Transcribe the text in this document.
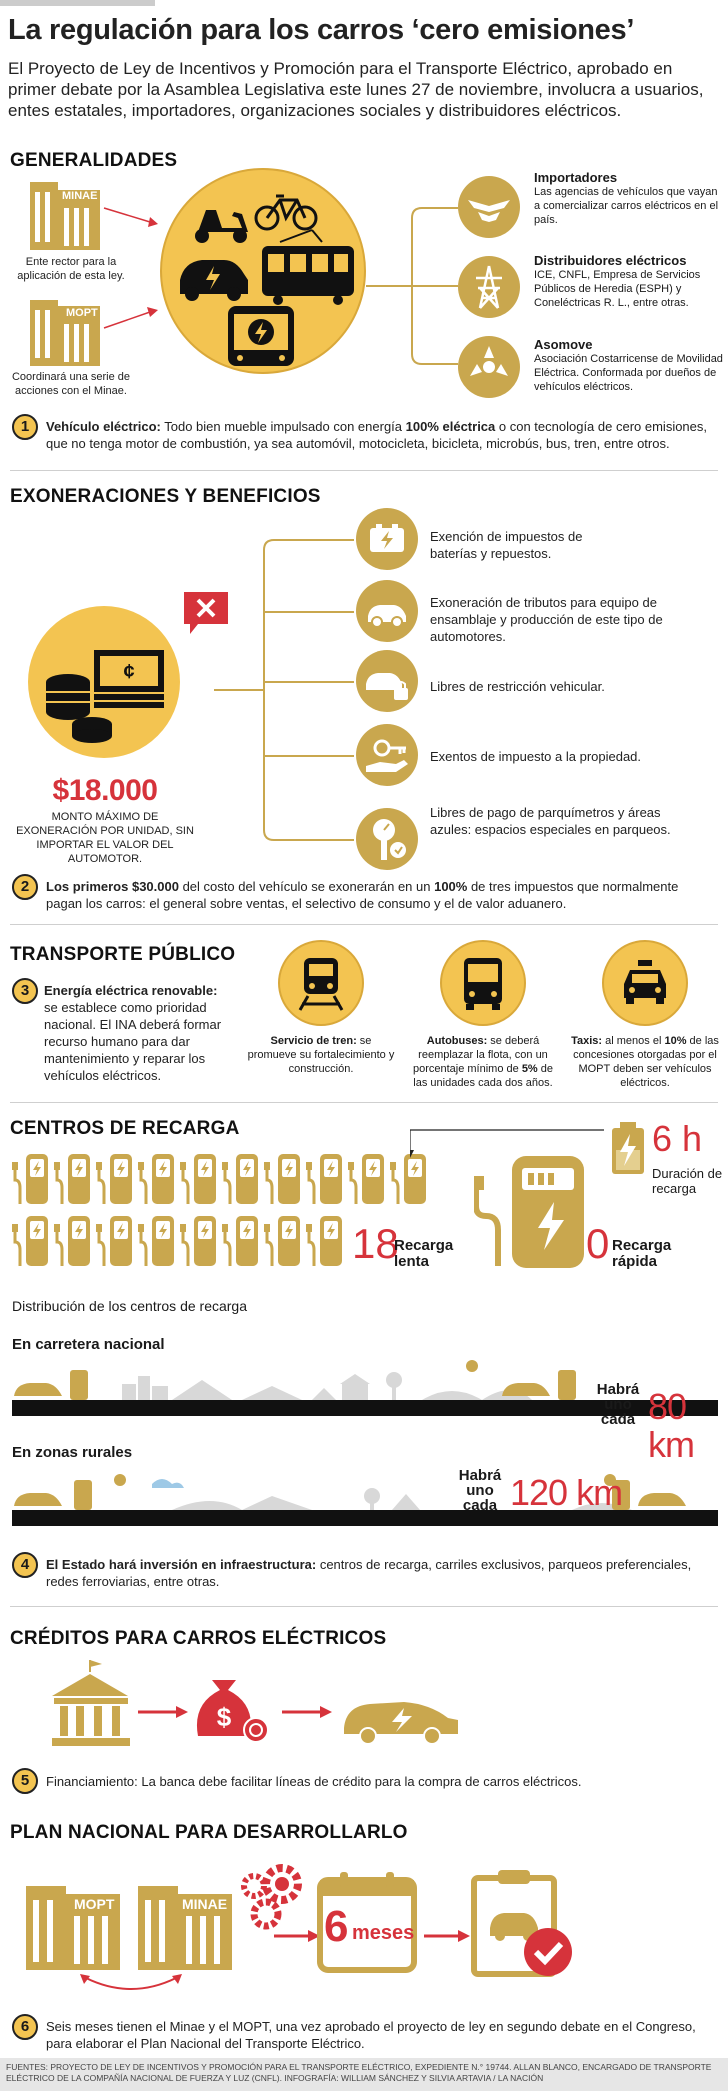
La regulación para los carros ‘cero emisiones’
El Proyecto de Ley de Incentivos y Promoción para el Transporte Eléctrico, aprobado en primer debate por la Asamblea Legislativa este lunes 27 de noviembre, involucra a usuarios, entes estatales, importadores, organizaciones sociales y distribuidores eléctricos.
GENERALIDADES
MINAE
Ente rector para la aplicación de esta ley.
MOPT
Coordinará una serie de acciones con el Minae.
Importadores
Las agencias de vehículos que vayan a comercializar carros eléctricos en el país.
Distribuidores eléctricos
ICE, CNFL, Empresa de Servicios Públicos de Heredia (ESPH) y Coneléctricas R. L., entre otras.
Asomove
Asociación Costarricense de Movilidad Eléctrica. Conformada por dueños de vehículos eléctricos.
1	Vehículo eléctrico: Todo bien mueble impulsado con energía 100% eléctrica o con tecnología de cero emisiones, que no tenga motor de combustión, ya sea automóvil, motocicleta, bicicleta, microbús, bus, tren, entre otros.
EXONERACIONES Y BENEFICIOS
¢
$18.000
MONTO MÁXIMO DE EXONERACIÓN POR UNIDAD, SIN IMPORTAR EL VALOR DEL AUTOMOTOR.
Exención de impuestos de baterías y repuestos.
Exoneración de tributos para equipo de ensamblaje y producción de este tipo de automotores.
Libres de restricción vehicular.
Exentos de impuesto a la propiedad.
Libres de pago de parquímetros y áreas azules: espacios especiales en parqueos.
2	Los primeros $30.000 del costo del vehículo se exonerarán en un 100% de tres impuestos que normalmente pagan los carros: el general sobre ventas, el selectivo de consumo y el de valor aduanero.
TRANSPORTE PÚBLICO
3	Energía eléctrica renovable: se establece como prioridad nacional. El INA deberá formar recurso humano para dar mantenimiento y reparar los vehículos eléctricos.
Servicio de tren: se promueve su fortalecimiento y construcción.
Autobuses: se deberá reemplazar la flota, con un porcentaje mínimo de 5% de las unidades cada dos años.
Taxis: al menos el 10% de las concesiones otorgadas por el MOPT deben ser vehículos eléctricos.
CENTROS DE RECARGA
18
Recarga lenta	0 Recarga rápida
6 h
Duración de recarga
Distribución de los centros de recarga
En carretera nacional
Habrá uno cada 80 km
En zonas rurales
Habrá uno cada 120 km
4	El Estado hará inversión en infraestructura: centros de recarga, carriles exclusivos, parqueos preferenciales, redes ferroviarias, entre otras.
CRÉDITOS PARA CARROS ELÉCTRICOS
$
5	Financiamiento: La banca debe facilitar líneas de crédito para la compra de carros eléctricos.
PLAN NACIONAL PARA DESARROLLARLO
MOPT	MINAE 6 meses
6	Seis meses tienen el Minae y el MOPT, una vez aprobado el proyecto de ley en segundo debate en el Congreso, para elaborar el Plan Nacional del Transporte Eléctrico.
FUENTES: PROYECTO DE LEY DE INCENTIVOS Y PROMOCIÓN PARA EL TRANSPORTE ELÉCTRICO, EXPEDIENTE N.° 19744. ALLAN BLANCO, ENCARGADO DE TRANSPORTE ELÉCTRICO DE LA COMPAÑÍA NACIONAL DE FUERZA Y LUZ (CNFL). INFOGRAFÍA: WILLIAM SÁNCHEZ Y SILVIA ARTAVIA / LA NACIÓN
